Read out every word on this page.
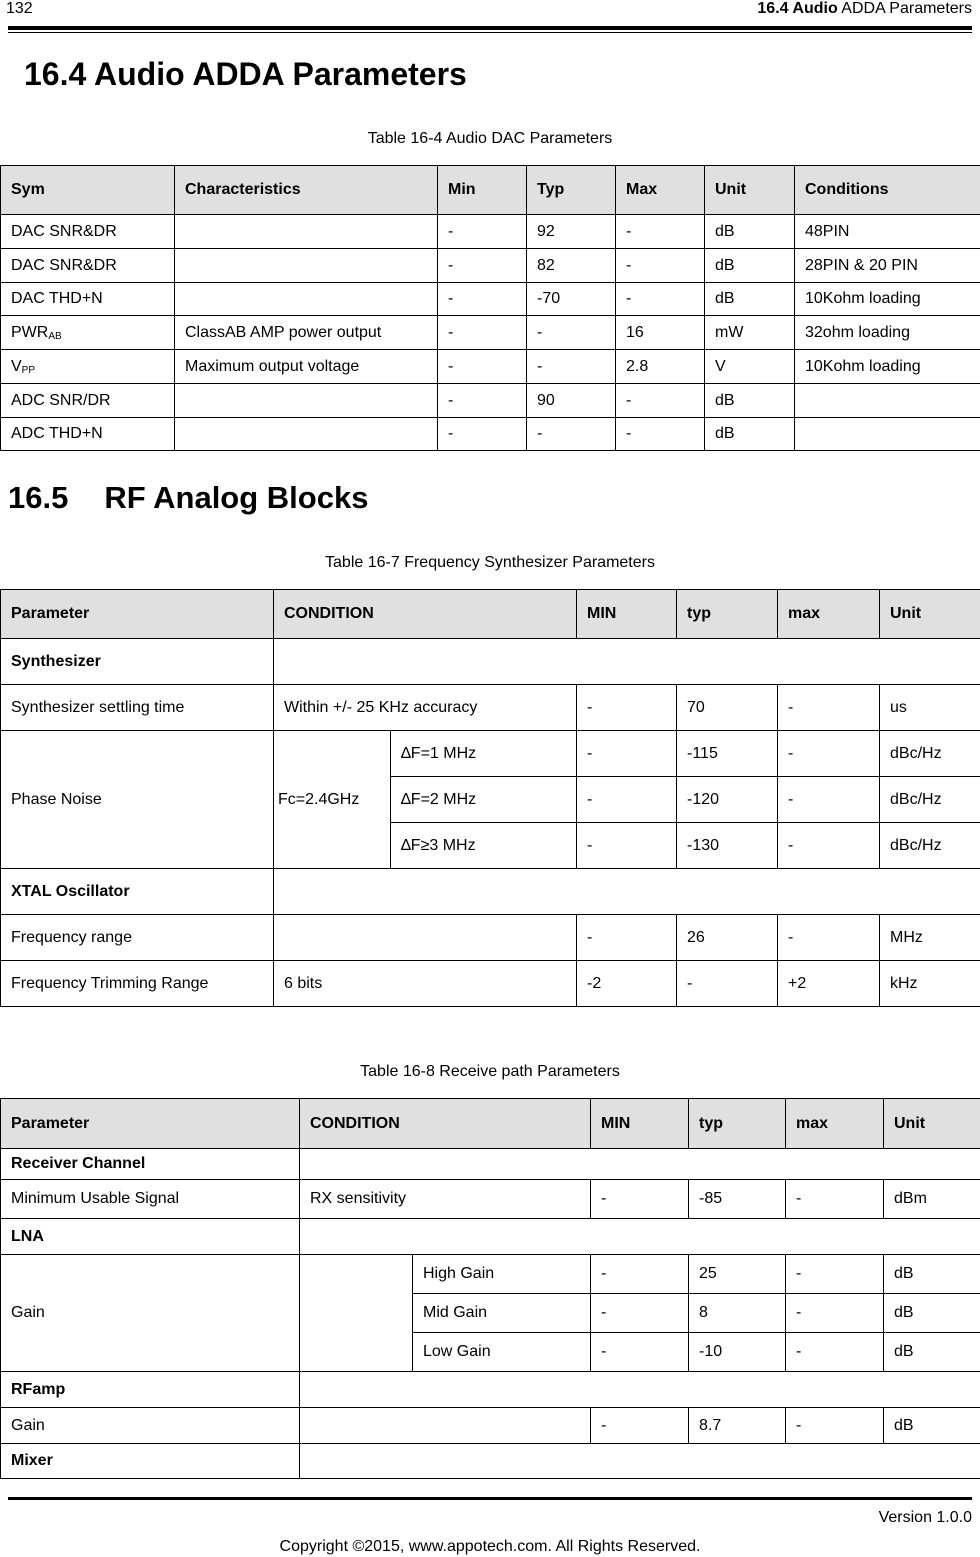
132	16.4 Audio ADDA Parameters
16.4 Audio ADDA Parameters
Table 16-4 Audio DAC Parameters
Sym	Characteristics	Min	Typ	Max	Unit	Conditions
DAC SNR&DR		-	92	-	dB	48PIN
DAC SNR&DR		-	82	-	dB	28PIN & 20 PIN
DAC THD+N		-	-70	-	dB	10Kohm loading
$PWR_{AB}$	ClassAB AMP power output	-	-	16	mW	32ohm loading
$V_{PP}$	Maximum output voltage	-	-	2.8	V	10Kohm loading
ADC SNR/DR		-	90	-	dB	
ADC THD+N		-	-	-	dB	
16.5 RF Analog Blocks
Table 16-7 Frequency Synthesizer Parameters
Parameter	CONDITION		MIN	typ	max	Unit
Synthesizer						
Synthesizer settling time	Within +/- 25 KHz accuracy		-	70	-	us
Phase Noise	Fc=2.4GHz	∆F=1 MHz	-	-115	-	dBc/Hz
		∆F=2 MHz	-	-120	-	dBc/Hz
		∆F≥3 MHz	-	-130	-	dBc/Hz
XTAL Oscillator						
Frequency range			-	26	-	MHz
Frequency Trimming Range	6 bits		-2	-	+2	kHz
Table 16-8 Receive path Parameters
Parameter	CONDITION		MIN	typ	max	Unit
Receiver Channel						
Minimum Usable Signal	RX sensitivity		-	-85	-	dBm
LNA						
Gain		High Gain	-	25	-	dB
		Mid Gain	-	8	-	dB
		Low Gain	-	-10	-	dB
RFamp						
Gain			-	8.7	-	dB
Mixer						
Version 1.0.0
Copyright ©2015, www.appotech.com. All Rights Reserved.
